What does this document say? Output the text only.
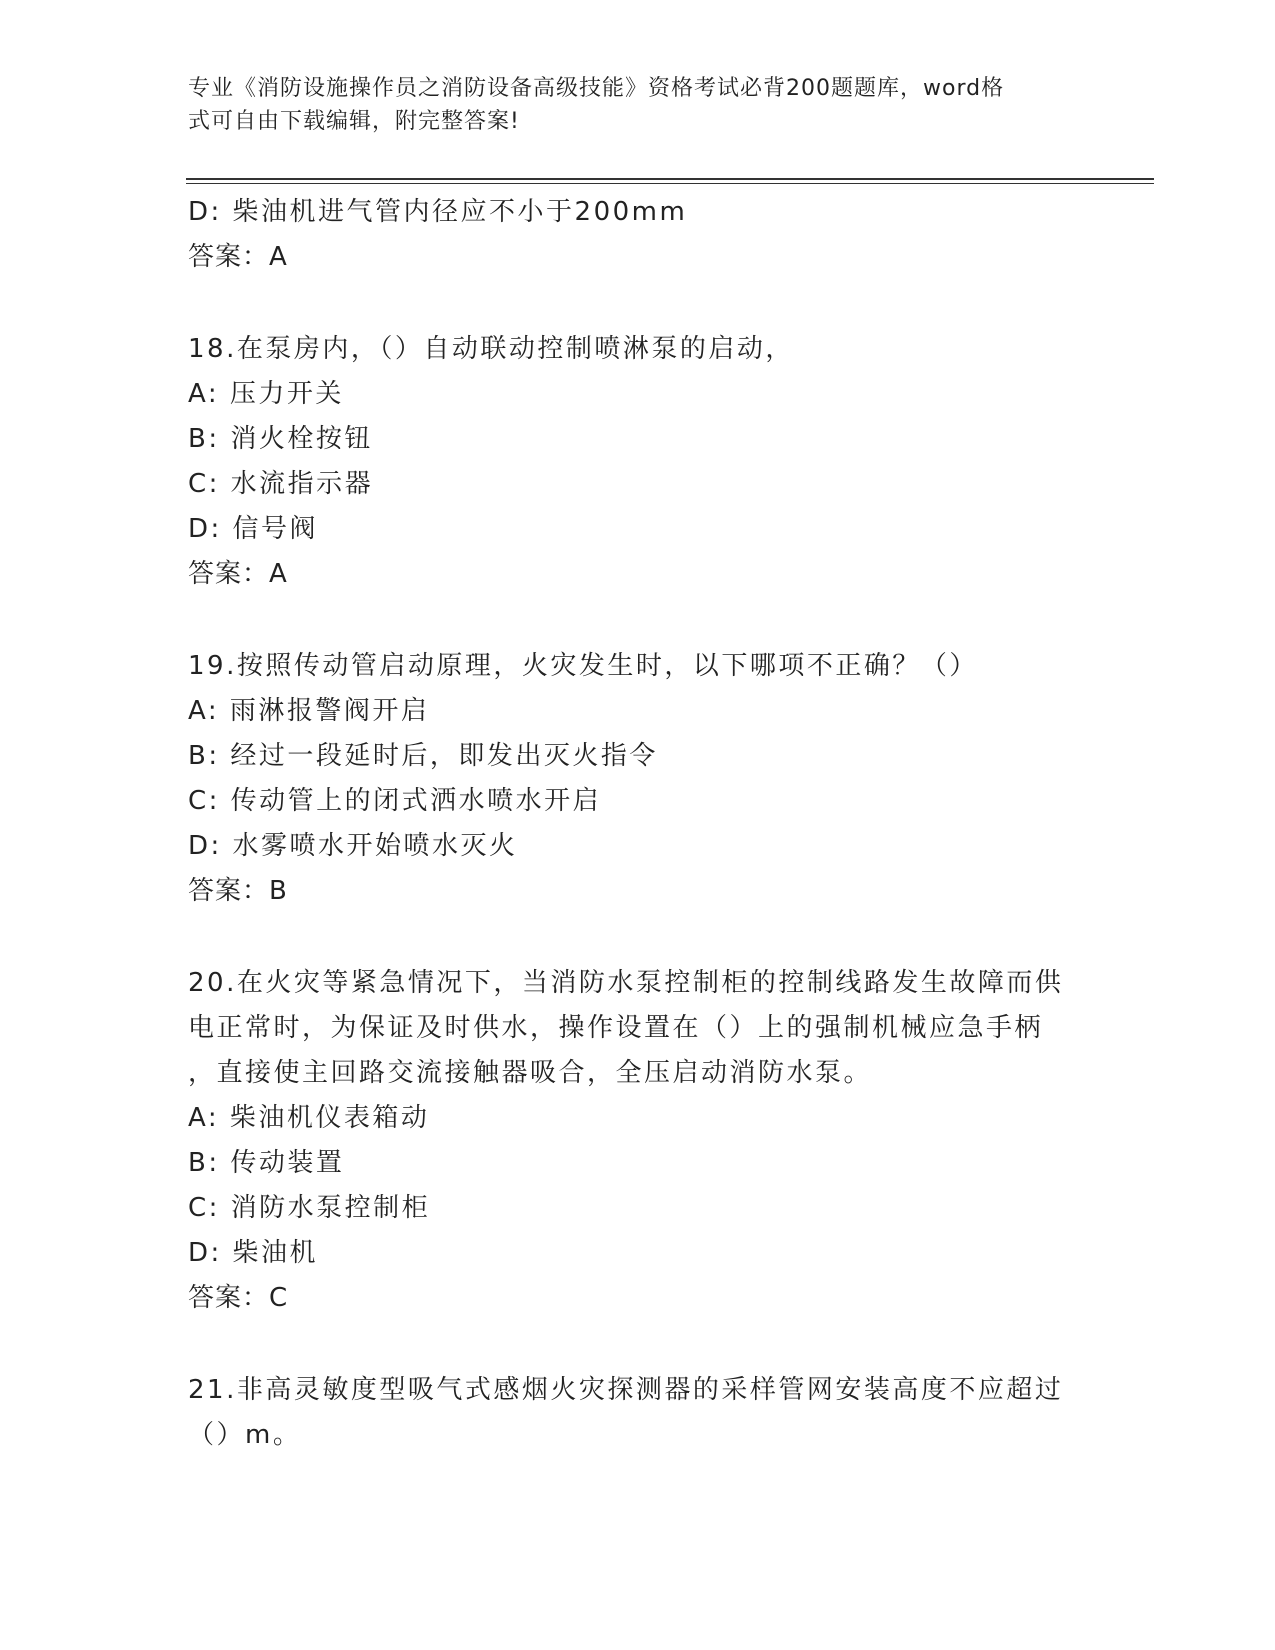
专业《消防设施操作员之消防设备高级技能》资格考试必背200题题库，word格
式可自由下载编辑，附完整答案!
D: 柴油机进气管内径应不小于200mm
答案：A
18.在泵房内，（）自动联动控制喷淋泵的启动，
A: 压力开关
B: 消火栓按钮
C: 水流指示器
D: 信号阀
答案：A
19.按照传动管启动原理，火灾发生时，以下哪项不正确？（）
A: 雨淋报警阀开启
B: 经过一段延时后，即发出灭火指令
C: 传动管上的闭式洒水喷水开启
D: 水雾喷水开始喷水灭火
答案：B
20.在火灾等紧急情况下，当消防水泵控制柜的控制线路发生故障而供
电正常时，为保证及时供水，操作设置在（）上的强制机械应急手柄
，直接使主回路交流接触器吸合，全压启动消防水泵。
A: 柴油机仪表箱动
B: 传动装置
C: 消防水泵控制柜
D: 柴油机
答案：C
21.非高灵敏度型吸气式感烟火灾探测器的采样管网安装高度不应超过
（）m。
